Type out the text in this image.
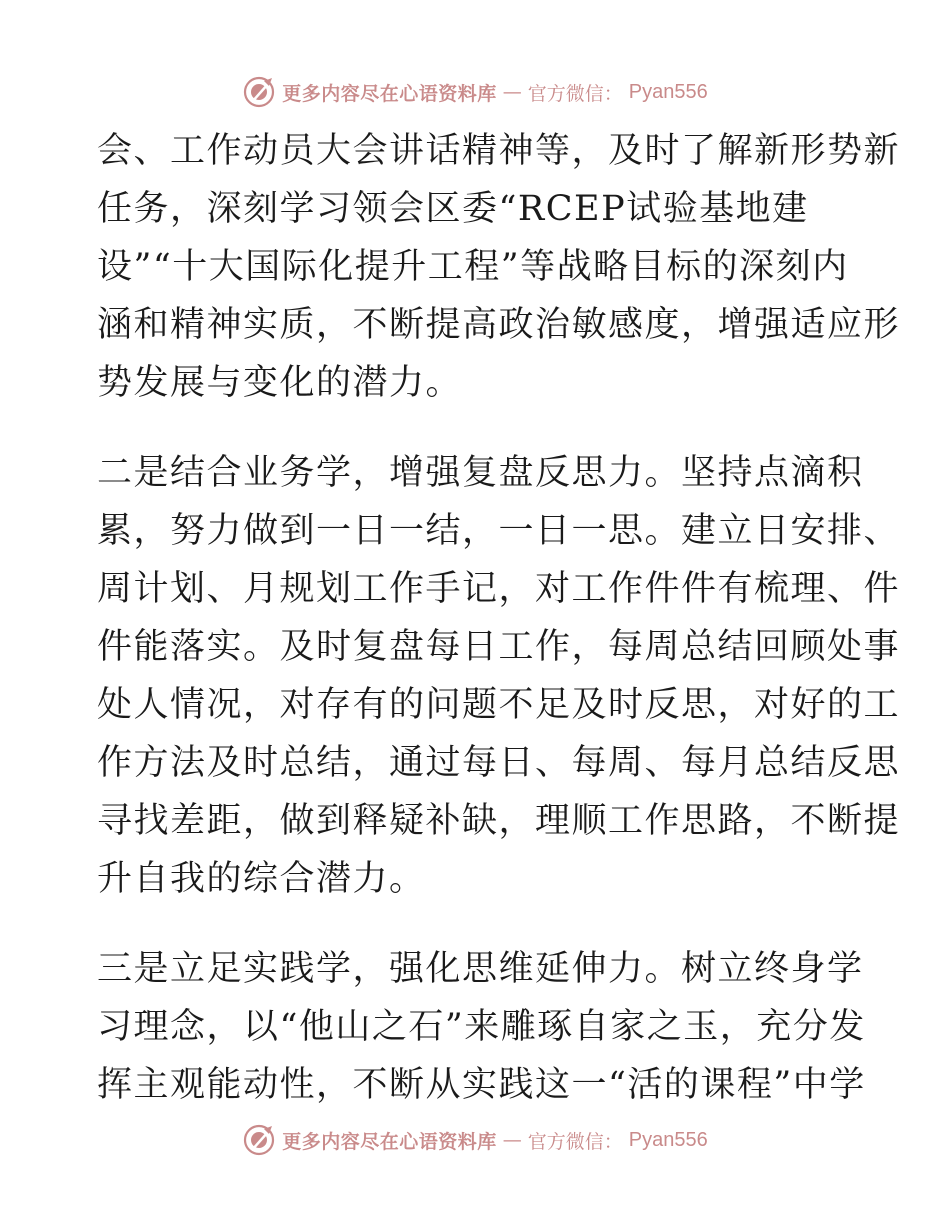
更多内容尽在心语资料库 — 官方微信： Pyan556
会、工作动员大会讲话精神等，及时了解新形势新
任务，深刻学习领会区委“RCEP试验基地建
设”“十大国际化提升工程”等战略目标的深刻内
涵和精神实质，不断提高政治敏感度，增强适应形
势发展与变化的潜力。
二是结合业务学，增强复盘反思力。坚持点滴积
累，努力做到一日一结，一日一思。建立日安排、
周计划、月规划工作手记，对工作件件有梳理、件
件能落实。及时复盘每日工作，每周总结回顾处事
处人情况，对存有的问题不足及时反思，对好的工
作方法及时总结，通过每日、每周、每月总结反思
寻找差距，做到释疑补缺，理顺工作思路，不断提
升自我的综合潜力。
三是立足实践学，强化思维延伸力。树立终身学
习理念，以“他山之石”来雕琢自家之玉，充分发
挥主观能动性，不断从实践这一“活的课程”中学
更多内容尽在心语资料库 — 官方微信： Pyan556
